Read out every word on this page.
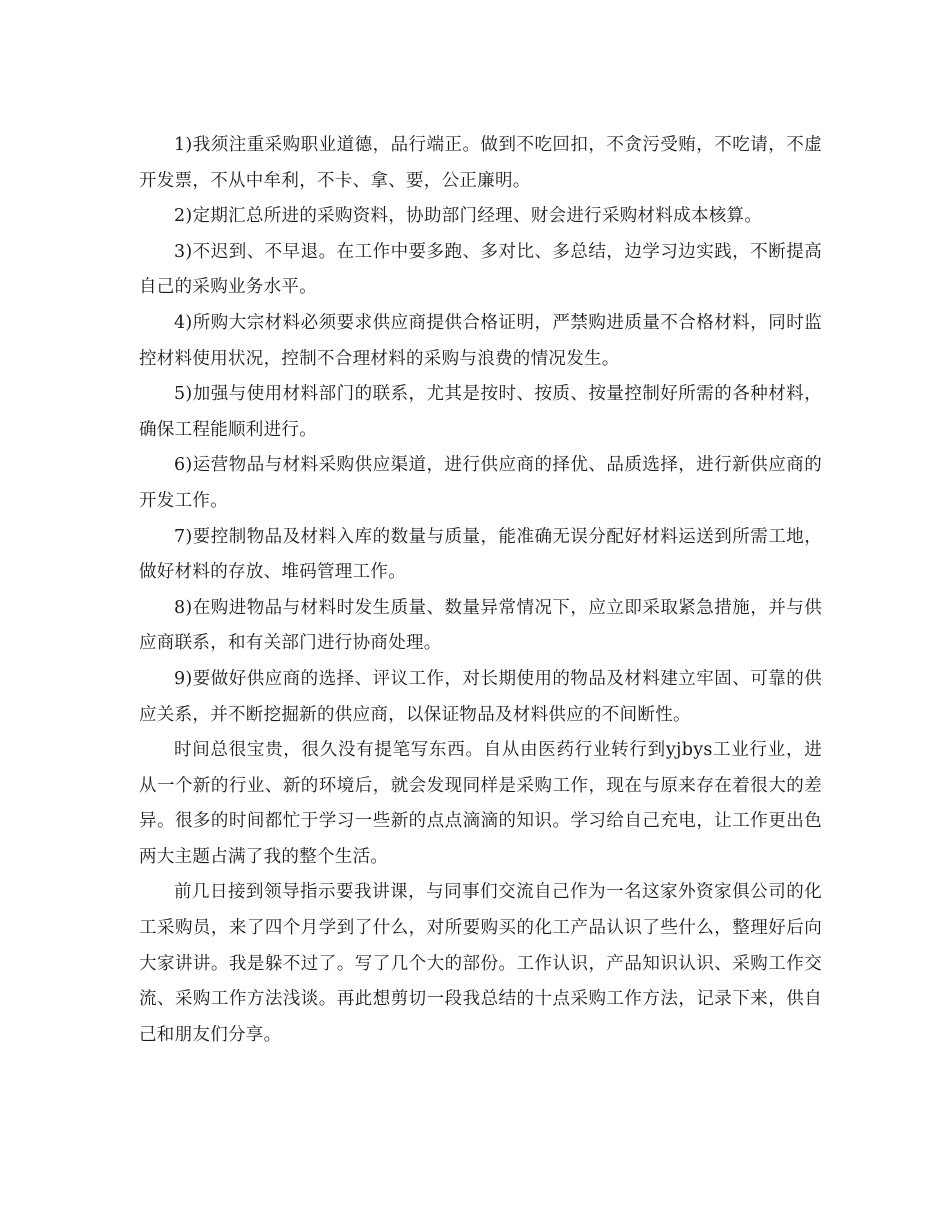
1)我须注重采购职业道德，品行端正。做到不吃回扣，不贪污受贿，不吃请，不虚开发票，不从中牟利，不卡、拿、要，公正廉明。

2)定期汇总所进的采购资料，协助部门经理、财会进行采购材料成本核算。

3)不迟到、不早退。在工作中要多跑、多对比、多总结，边学习边实践，不断提高自己的采购业务水平。

4)所购大宗材料必须要求供应商提供合格证明，严禁购进质量不合格材料，同时监控材料使用状况，控制不合理材料的采购与浪费的情况发生。

5)加强与使用材料部门的联系，尤其是按时、按质、按量控制好所需的各种材料，确保工程能顺利进行。

6)运营物品与材料采购供应渠道，进行供应商的择优、品质选择，进行新供应商的开发工作。

7)要控制物品及材料入库的数量与质量，能准确无误分配好材料运送到所需工地，做好材料的存放、堆码管理工作。

8)在购进物品与材料时发生质量、数量异常情况下，应立即采取紧急措施，并与供应商联系，和有关部门进行协商处理。

9)要做好供应商的选择、评议工作，对长期使用的物品及材料建立牢固、可靠的供应关系，并不断挖掘新的供应商，以保证物品及材料供应的不间断性。

时间总很宝贵，很久没有提笔写东西。自从由医药行业转行到yjbys工业行业，进从一个新的行业、新的环境后，就会发现同样是采购工作，现在与原来存在着很大的差异。很多的时间都忙于学习一些新的点点滴滴的知识。学习给自己充电，让工作更出色两大主题占满了我的整个生活。

前几日接到领导指示要我讲课，与同事们交流自己作为一名这家外资家俱公司的化工采购员，来了四个月学到了什么，对所要购买的化工产品认识了些什么，整理好后向大家讲讲。我是躲不过了。写了几个大的部份。工作认识，产品知识认识、采购工作交流、采购工作方法浅谈。再此想剪切一段我总结的十点采购工作方法，记录下来，供自己和朋友们分享。
